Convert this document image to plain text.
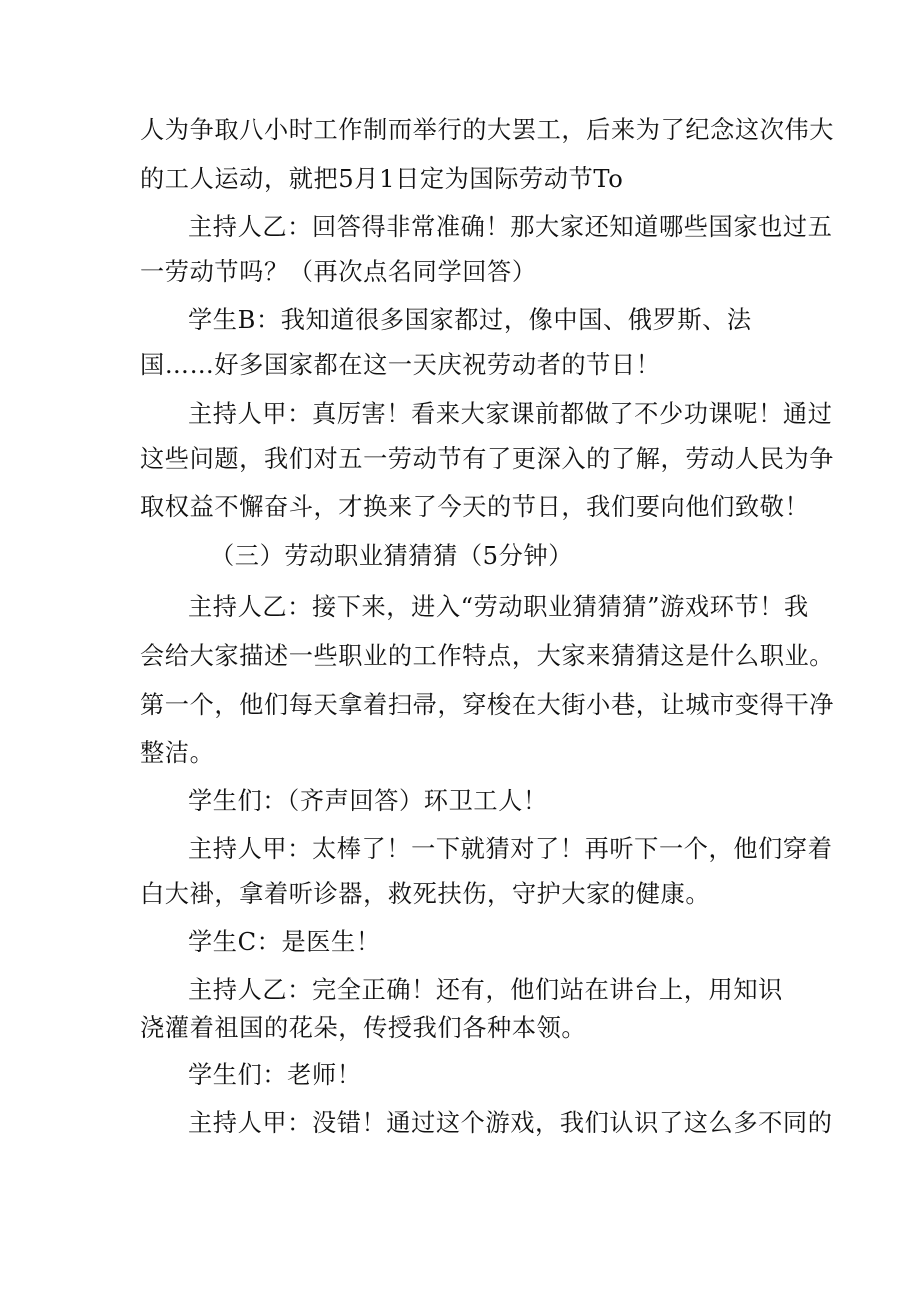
人为争取八小时工作制而举行的大罢工，后来为了纪念这次伟大
的工人运动，就把5月1日定为国际劳动节To
主持人乙：回答得非常准确！那大家还知道哪些国家也过五
一劳动节吗？（再次点名同学回答）
学生B：我知道很多国家都过，像中国、俄罗斯、法
国……好多国家都在这一天庆祝劳动者的节日！
主持人甲：真厉害！看来大家课前都做了不少功课呢！通过
这些问题，我们对五一劳动节有了更深入的了解，劳动人民为争
取权益不懈奋斗，才换来了今天的节日，我们要向他们致敬！
（三）劳动职业猜猜猜（5分钟）
主持人乙：接下来，进入“劳动职业猜猜猜”游戏环节！我
会给大家描述一些职业的工作特点，大家来猜猜这是什么职业。
第一个，他们每天拿着扫帚，穿梭在大街小巷，让城市变得干净
整洁。
学生们：（齐声回答）环卫工人！
主持人甲：太棒了！一下就猜对了！再听下一个，他们穿着
白大褂，拿着听诊器，救死扶伤，守护大家的健康。
学生C：是医生！
主持人乙：完全正确！还有，他们站在讲台上，用知识
浇灌着祖国的花朵，传授我们各种本领。
学生们：老师！
主持人甲：没错！通过这个游戏，我们认识了这么多不同的
